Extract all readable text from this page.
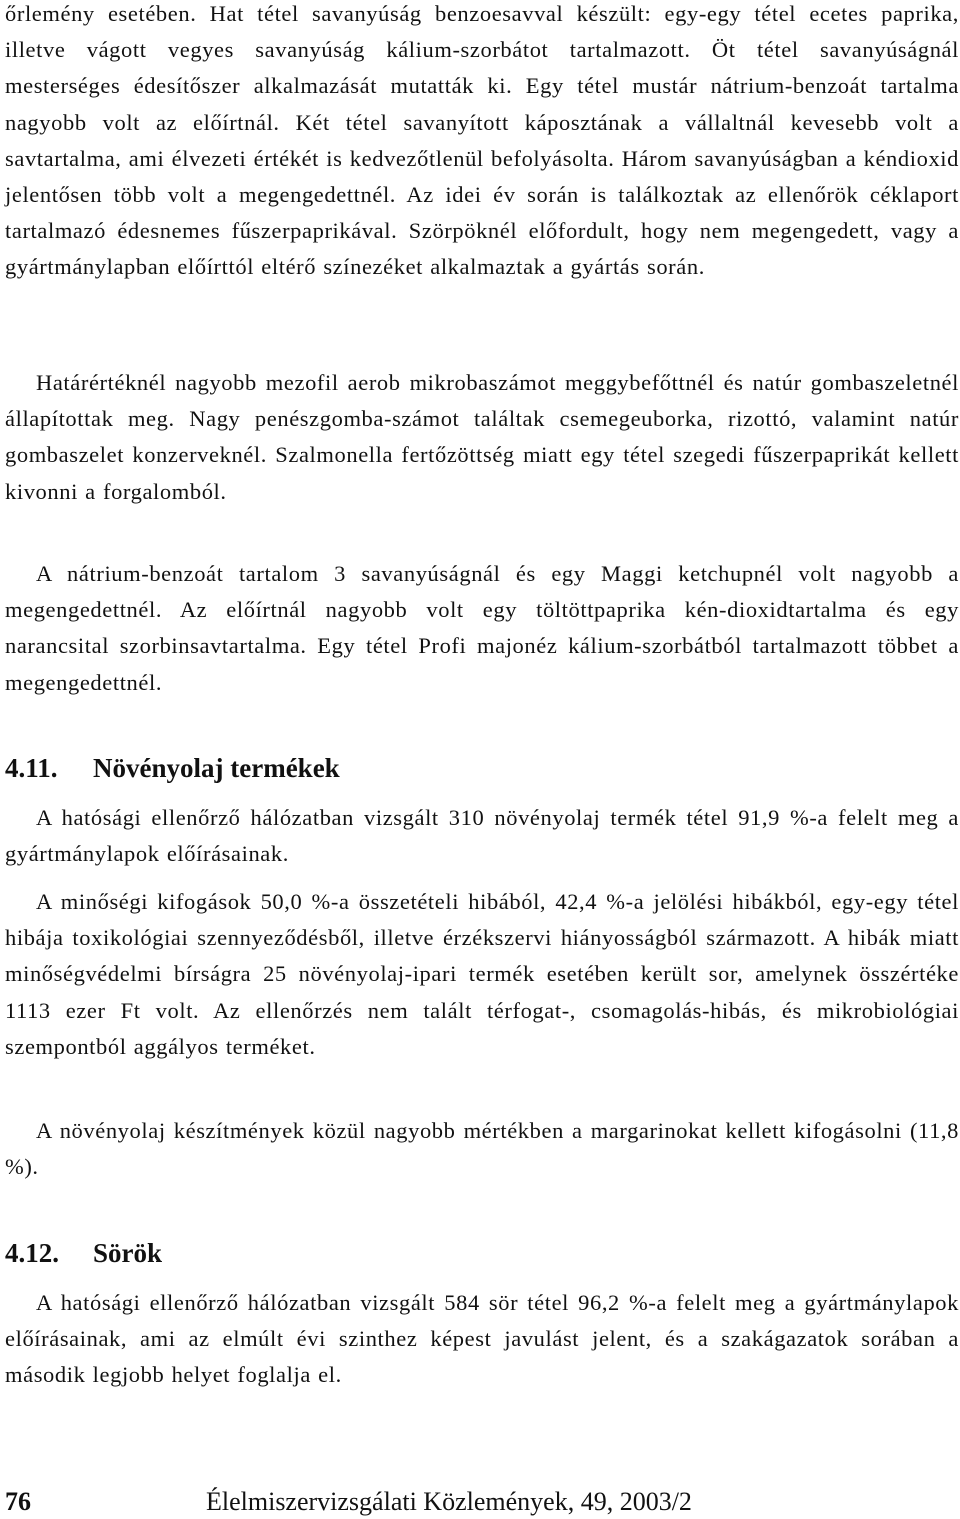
őrlemény esetében. Hat tétel savanyúság benzoesavval készült: egy-egy tétel ecetes paprika, illetve vágott vegyes savanyúság kálium-szorbátot tartalmazott. Öt tétel savanyúságnál mesterséges édesítőszer alkalmazását mutatták ki. Egy tétel mustár nátrium-benzoát tartalma nagyobb volt az előírtnál. Két tétel savanyított káposztának a vállaltnál kevesebb volt a savtartalma, ami élvezeti értékét is kedvezőtlenül befolyásolta. Három savanyúságban a kéndioxid jelentősen több volt a megengedettnél. Az idei év során is találkoztak az ellenőrök céklaport tartalmazó édesnemes fűszerpaprikával. Szörpöknél előfordult, hogy nem megengedett, vagy a gyártmánylapban előírttól eltérő színezéket alkalmaztak a gyártás során.

Határértéknél nagyobb mezofil aerob mikrobaszámot meggybefőttnél és natúr gombaszeletnél állapítottak meg. Nagy penészgomba-számot találtak csemegeuborka, rizottó, valamint natúr gombaszelet konzerveknél. Szalmonella fertőzöttség miatt egy tétel szegedi fűszerpaprikát kellett kivonni a forgalomból.

A nátrium-benzoát tartalom 3 savanyúságnál és egy Maggi ketchupnél volt nagyobb a megengedettnél. Az előírtnál nagyobb volt egy töltöttpaprika kén-dioxidtartalma és egy narancsital szorbinsavtartalma. Egy tétel Profi majonéz kálium-szorbátból tartalmazott többet a megengedettnél.

4.11. Növényolaj termékek

A hatósági ellenőrző hálózatban vizsgált 310 növényolaj termék tétel 91,9 %-a felelt meg a gyártmánylapok előírásainak.

A minőségi kifogások 50,0 %-a összetételi hibából, 42,4 %-a jelölési hibákból, egy-egy tétel hibája toxikológiai szennyeződésből, illetve érzékszervi hiányosságból származott. A hibák miatt minőségvédelmi bírságra 25 növényolaj-ipari termék esetében került sor, amelynek összértéke 1113 ezer Ft volt. Az ellenőrzés nem talált térfogat-, csomagolás-hibás, és mikrobiológiai szempontból aggályos terméket.

A növényolaj készítmények közül nagyobb mértékben a margarinokat kellett kifogásolni (11,8 %).

4.12. Sörök

A hatósági ellenőrző hálózatban vizsgált 584 sör tétel 96,2 %-a felelt meg a gyártmánylapok előírásainak, ami az elmúlt évi szinthez képest javulást jelent, és a szakágazatok sorában a második legjobb helyet foglalja el.

76	Élelmiszervizsgálati Közlemények, 49, 2003/2
